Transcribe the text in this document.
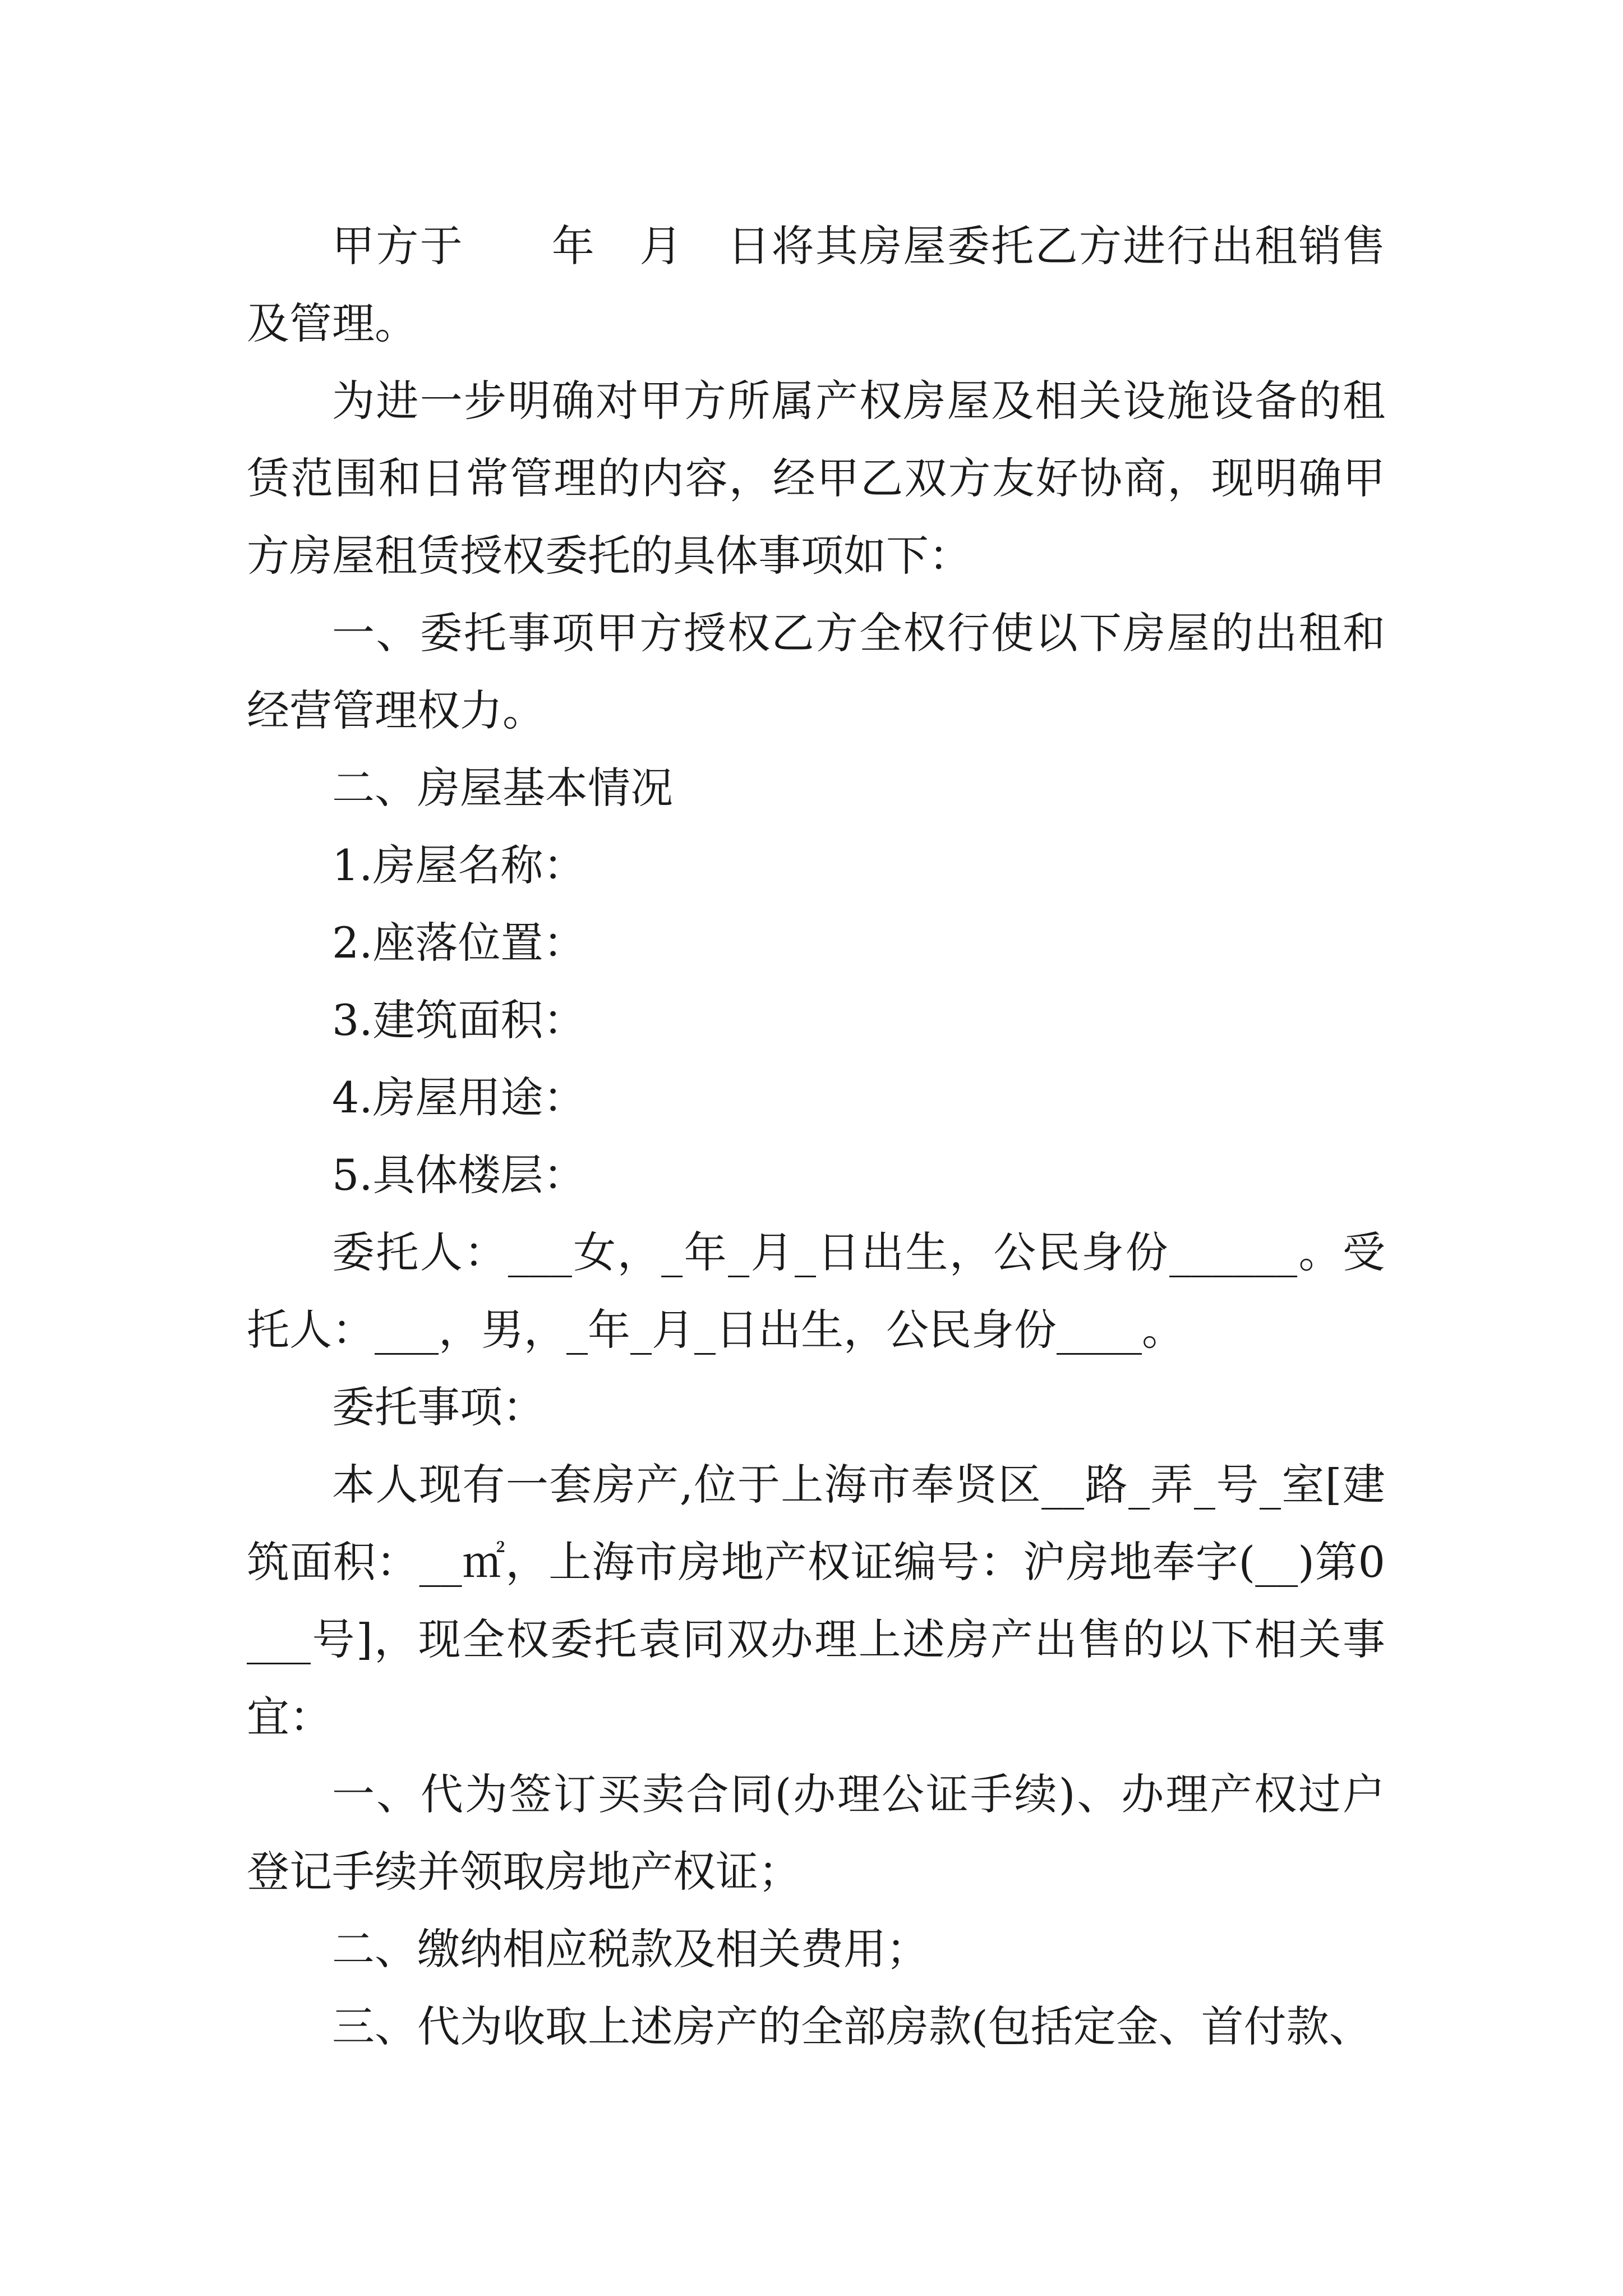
甲方于　　年　月　日将其房屋委托乙方进行出租销售及管理。

为进一步明确对甲方所属产权房屋及相关设施设备的租赁范围和日常管理的内容，经甲乙双方友好协商，现明确甲方房屋租赁授权委托的具体事项如下：

一、委托事项甲方授权乙方全权行使以下房屋的出租和经营管理权力。

二、房屋基本情况

1.房屋名称：

2.座落位置：

3.建筑面积：

4.房屋用途：

5.具体楼层：

委托人：___女，_年_月_日出生，公民身份______。受托人：___，男，_年_月_日出生，公民身份____。

委托事项：

本人现有一套房产,位于上海市奉贤区__路_弄_号_室[建筑面积：__㎡，上海市房地产权证编号：沪房地奉字(__)第0___号]，现全权委托袁同双办理上述房产出售的以下相关事宜：

一、代为签订买卖合同(办理公证手续)、办理产权过户登记手续并领取房地产权证；

二、缴纳相应税款及相关费用；

三、代为收取上述房产的全部房款(包括定金、首付款、
